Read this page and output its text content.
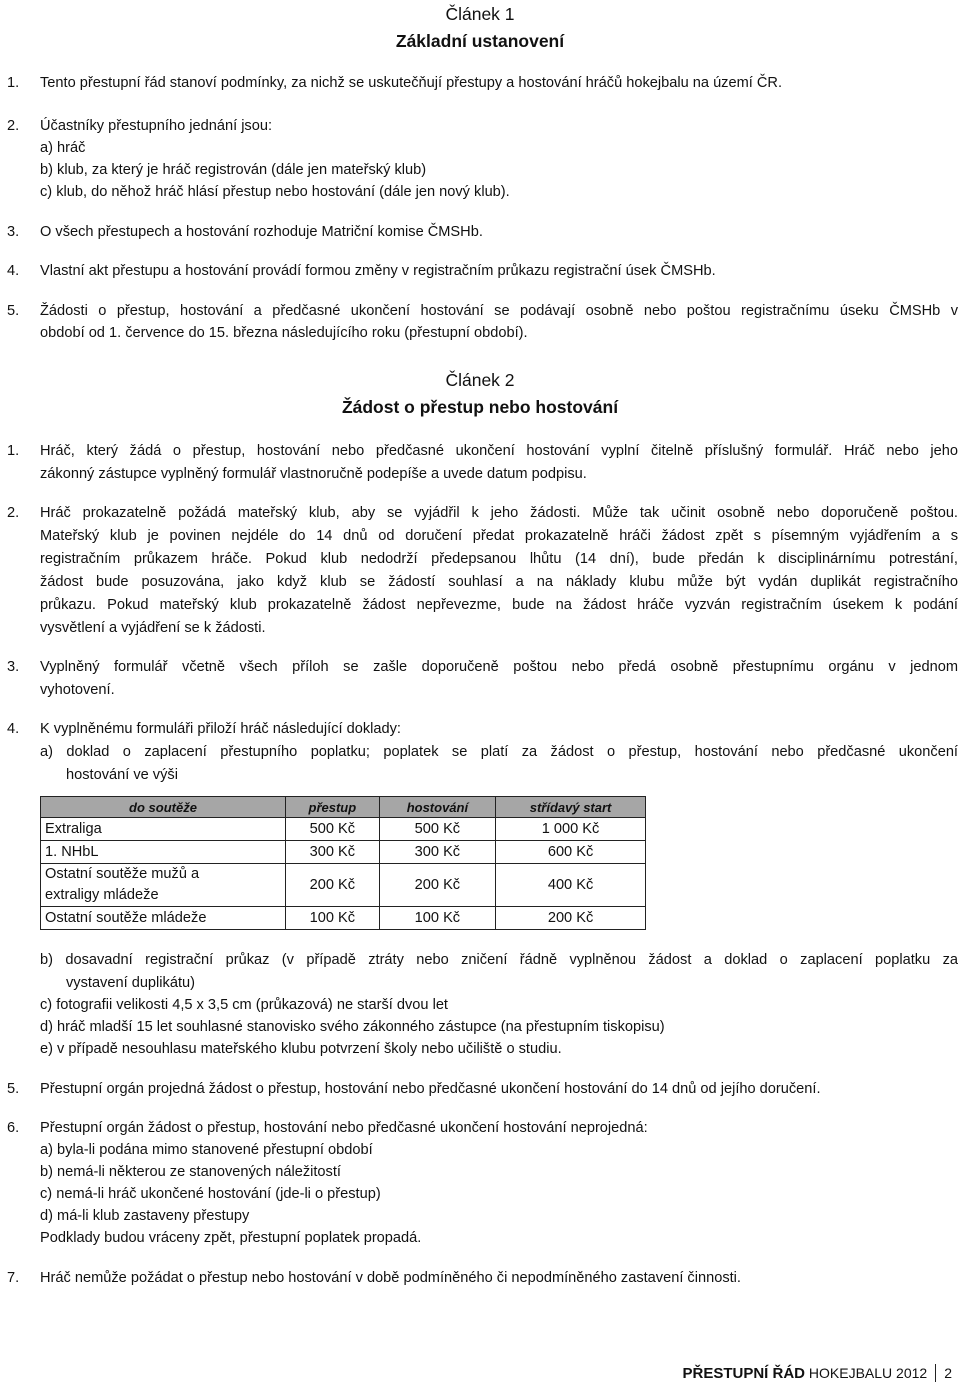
Článek 1
Základní ustanovení
1. Tento přestupní řád stanoví podmínky, za nichž se uskutečňují přestupy a hostování hráčů hokejbalu na území ČR.
2. Účastníky přestupního jednání jsou:
a) hráč
b) klub, za který je hráč registrován (dále jen mateřský klub)
c) klub, do něhož hráč hlásí přestup nebo hostování (dále jen nový klub).
3. O všech přestupech a hostování rozhoduje Matriční komise ČMSHb.
4. Vlastní akt přestupu a hostování provádí formou změny v registračním průkazu registrační úsek ČMSHb.
5. Žádosti o přestup, hostování a předčasné ukončení hostování se podávají osobně nebo poštou registračnímu úseku ČMSHb v
období od 1. července do 15. března následujícího roku (přestupní období).
Článek 2
Žádost o přestup nebo hostování
1. Hráč, který žádá o přestup, hostování nebo předčasné ukončení hostování vyplní čitelně příslušný formulář. Hráč nebo jeho
zákonný zástupce vyplněný formulář vlastnoručně podepíše a uvede datum podpisu.
2. Hráč prokazatelně požádá mateřský klub, aby se vyjádřil k jeho žádosti. Může tak učinit osobně nebo doporučeně poštou.
Mateřský klub je povinen nejdéle do 14 dnů od doručení předat prokazatelně hráči žádost zpět s písemným vyjádřením a s
registračním průkazem hráče. Pokud klub nedodrží předepsanou lhůtu (14 dní), bude předán k disciplinárnímu potrestání,
žádost bude posuzována, jako když klub se žádostí souhlasí a na náklady klubu může být vydán duplikát registračního
průkazu. Pokud mateřský klub prokazatelně žádost nepřevezme, bude na žádost hráče vyzván registračním úsekem k podání
vysvětlení a vyjádření se k žádosti.
3. Vyplněný formulář včetně všech příloh se zašle doporučeně poštou nebo předá osobně přestupnímu orgánu v jednom
vyhotovení.
4. K vyplněnému formuláři přiloží hráč následující doklady:
a) doklad o zaplacení přestupního poplatku; poplatek se platí za žádost o přestup, hostování nebo předčasné ukončení
hostování ve výši
do soutěže	přestup	hostování	střídavý start
Extraliga	500 Kč	500 Kč	1 000 Kč
1. NHbL	300 Kč	300 Kč	600 Kč
Ostatní soutěže mužů a
extraligy mládeže	200 Kč	200 Kč	400 Kč
Ostatní soutěže mládeže	100 Kč	100 Kč	200 Kč
b) dosavadní registrační průkaz (v případě ztráty nebo zničení řádně vyplněnou žádost a doklad o zaplacení poplatku za
vystavení duplikátu)
c) fotografii velikosti 4,5 x 3,5 cm (průkazová) ne starší dvou let
d) hráč mladší 15 let souhlasné stanovisko svého zákonného zástupce (na přestupním tiskopisu)
e) v případě nesouhlasu mateřského klubu potvrzení školy nebo učiliště o studiu.
5. Přestupní orgán projedná žádost o přestup, hostování nebo předčasné ukončení hostování do 14 dnů od jejího doručení.
6. Přestupní orgán žádost o přestup, hostování nebo předčasné ukončení hostování neprojedná:
a) byla-li podána mimo stanovené přestupní období
b) nemá-li některou ze stanovených náležitostí
c) nemá-li hráč ukončené hostování (jde-li o přestup)
d) má-li klub zastaveny přestupy
Podklady budou vráceny zpět, přestupní poplatek propadá.
7. Hráč nemůže požádat o přestup nebo hostování v době podmíněného či nepodmíněného zastavení činnosti.
PŘESTUPNÍ ŘÁD HOKEJBALU 2012 2
